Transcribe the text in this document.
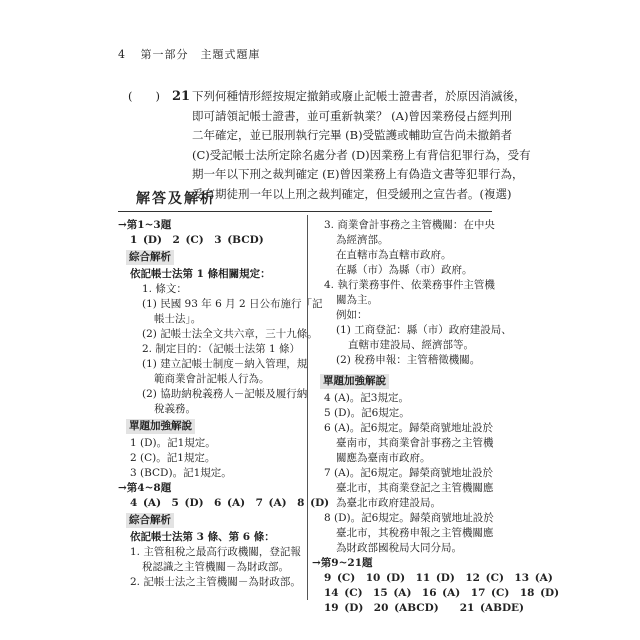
4 第一部分　主題式題庫
(　　) 21 下列何種情形經按規定撤銷或廢止記帳士證書者，於原因消滅後，
即可請領記帳士證書，並可重新執業？ (A)曾因業務侵占經判刑
二年確定，並已服刑執行完畢 (B)受監護或輔助宣告尚未撤銷者
(C)受記帳士法所定除名處分者 (D)因業務上有背信犯罪行為，受有
期一年以下刑之裁判確定 (E)曾因業務上有偽造文書等犯罪行為，
受有期徒刑一年以上刑之裁判確定，但受緩刑之宣告者。(複選)
解答及解析
→第1~3題
1 (D)　2 (C)　3 (BCD)
綜合解析
依記帳士法第 1 條相關規定：
1. 條文：
(1) 民國 93 年 6 月 2 日公布施行「記
帳士法」。
(2) 記帳士法全文共六章，三十九條。
2. 制定目的：（記帳士法第 1 條）
(1) 建立記帳士制度－納入管理，規
範商業會計記帳人行為。
(2) 協助納稅義務人－記帳及履行納
稅義務。
單題加強解說
1 (D)。記1規定。
2 (C)。記1規定。
3 (BCD)。記1規定。
→第4~8題
4 (A)　5 (D)　6 (A)　7 (A)　8 (D)
綜合解析
依記帳士法第 3 條、第 6 條：
1. 主管租稅之最高行政機關，登記報
稅認識之主管機關－為財政部。
2. 記帳士法之主管機關－為財政部。
3. 商業會計事務之主管機關：在中央
為經濟部。
在直轄市為直轄市政府。
在縣（市）為縣（市）政府。
4. 執行業務事件、依業務事件主管機
關為主。
例如：
(1) 工商登記：縣（市）政府建設局、
直轄市建設局、經濟部等。
(2) 稅務申報：主管稽徵機關。
單題加強解說
4 (A)。記3規定。
5 (D)。記6規定。
6 (A)。記6規定。歸榮商號地址設於
臺南市，其商業會計事務之主管機
關應為臺南市政府。
7 (A)。記6規定。歸榮商號地址設於
臺北市，其商業登記之主管機關應
為臺北市政府建設局。
8 (D)。記6規定。歸榮商號地址設於
臺北市，其稅務申報之主管機關應
為財政部國稅局大同分局。
→第9~21題
9 (C)　10 (D)　11 (D)　12 (C)　13 (A)
14 (C)　15 (A)　16 (A)　17 (C)　18 (D)
19 (D)　20 (ABCD)　　21 (ABDE)
